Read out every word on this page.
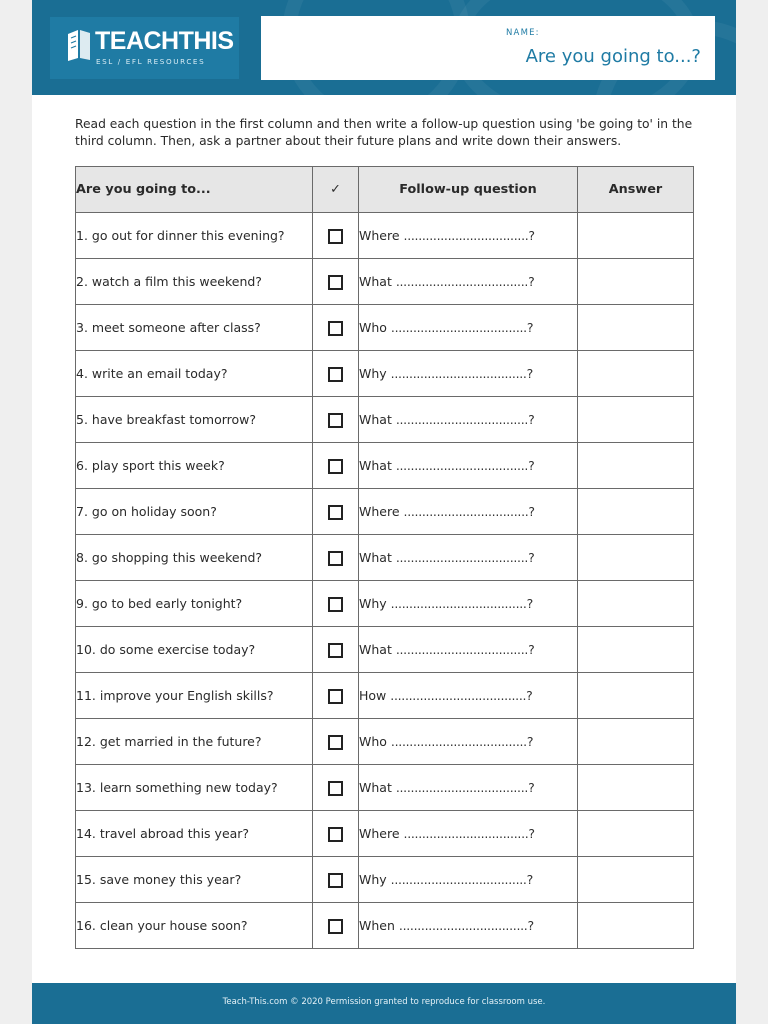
TEACHTHIS
ESL / EFL RESOURCES
NAME:
Are you going to...?
Read each question in the first column and then write a follow-up question using 'be going to' in the third column. Then, ask a partner about their future plans and write down their answers.
Are you going to...	✓	Follow-up question	Answer
1. go out for dinner this evening?		Where ..................................?	
2. watch a film this weekend?		What ....................................?	
3. meet someone after class?		Who .....................................?	
4. write an email today?		Why .....................................?	
5. have breakfast tomorrow?		What ....................................?	
6. play sport this week?		What ....................................?	
7. go on holiday soon?		Where ..................................?	
8. go shopping this weekend?		What ....................................?	
9. go to bed early tonight?		Why .....................................?	
10. do some exercise today?		What ....................................?	
11. improve your English skills?		How .....................................?	
12. get married in the future?		Who .....................................?	
13. learn something new today?		What ....................................?	
14. travel abroad this year?		Where ..................................?	
15. save money this year?		Why .....................................?	
16. clean your house soon?		When ...................................?	
Teach-This.com © 2020 Permission granted to reproduce for classroom use.
